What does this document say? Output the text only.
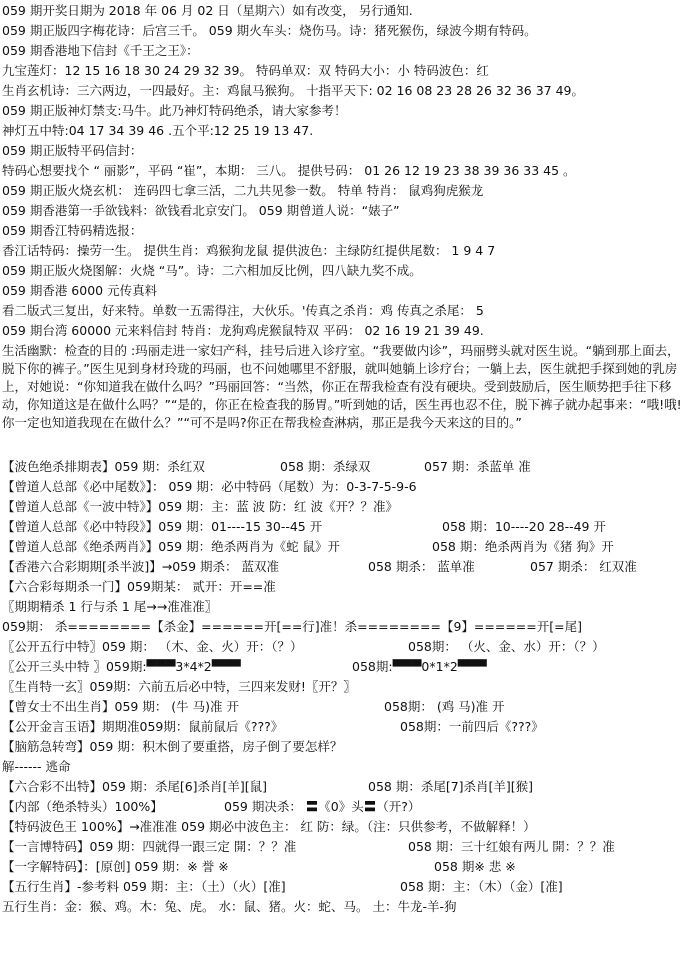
059 期开奖日期为 2018 年 06 月 02 日（星期六）如有改变， 另行通知.
059 期正版四字梅花诗：后宫三千。 059 期火车头：烧伤马。诗：猪死猴伤，绿波今期有特码。
059 期香港地下信封《千王之王》：
九宝莲灯：12 15 16 18 30 24 29 32 39。 特码单双：双 特码大小：小 特码波色：红
生肖玄机诗：三六两边，一四最好。主：鸡鼠马猴狗。 十指平天下: 02 16 08 23 28 26 32 36 37 49。
059 期正版神灯禁支:马牛。此乃神灯特码绝杀，请大家参考！
神灯五中特:04 17 34 39 46 .五个平:12 25 19 13 47.
059 期正版特平码信封：
特码心想要找个 “ 丽影”，平码 “崔”，本期： 三八。 提供号码： 01 26 12 19 23 38 39 36 33 45 。
059 期正版火烧玄机： 连码四七拿三活，二九共见参一数。 特单 特肖： 鼠鸡狗虎猴龙
059 期香港第一手欲钱料：欲钱看北京安门。 059 期曾道人说：“婊子”
059 期香江特码精选报：
香江话特码：操劳一生。 提供生肖：鸡猴狗龙鼠 提供波色：主绿防红提供尾数： 1 9 4 7
059 期正版火烧图解：火烧 “马”。诗：二六相加反比例，四八缺九奖不成。
059 期香港 6000 元传真料
看二版式三复出，好来特。单数一五需得注，大伙乐。'传真之杀肖：鸡 传真之杀尾： 5
059 期台湾 60000 元来料信封 特肖：龙狗鸡虎猴鼠特双 平码： 02 16 19 21 39 49.
生活幽默：检查的目的 :玛丽走进一家妇产科，挂号后进入诊疗室。“我要做内诊”，玛丽劈头就对医生说。“躺到那上面去，脱下你的裤子。”医生见到身材玲珑的玛丽，也不问她哪里不舒服，就叫她躺上诊疗台；一躺上去，医生就把手探到她的乳房上，对她说：“你知道我在做什么吗？”玛丽回答：“当然，你正在帮我检查有没有硬块。受到鼓励后，医生顺势把手往下移动，你知道这是在做什么吗？”“是的，你正在检查我的肠胃。”听到她的话，医生再也忍不住，脱下裤子就办起事来：“哦!哦!你一定也知道我现在在做什么？”“可不是吗?你正在帮我检查淋病，那正是我今天来这的目的。”
【波色绝杀排期表】059 期：杀红双	058 期：杀绿双	057 期：杀蓝单 准
【曾道人总部《必中尾数》】： 059 期：必中特码（尾数）为：0-3-7-5-9-6
【曾道人总部《一波中特》】059 期：主：蓝 波 防：红 波《开？？准》
【曾道人总部《必中特段》】059 期：01----15 30--45 开	058 期：10----20 28--49 开
【曾道人总部《绝杀两肖》】059 期：绝杀两肖为《蛇 鼠》开	058 期：绝杀两肖为《猪 狗》开
【香港六合彩期期[杀半波]】→059 期杀： 蓝双准	058 期杀： 蓝单准	057 期杀： 红双准
【六合彩每期杀一门】059期某： 贰开：开==准
〖期期精杀 1 行与杀 1 尾→→准准准〗
059期： 杀========【杀金】======开[==行]准！杀========【9】======开[=尾]
〖公开五行中特〗059 期： （木、金、火）开：（？）	058期： （火、金、水）开：（？）
〖公开三头中特 〗059期:▀▀▀3*4*2▀▀▀	058期:▀▀▀0*1*2▀▀▀
〖生肖特一玄〗059期：六前五后必中特，三四来发财!〖开？〗
【曾女士不出生肖】059 期： (牛 马)准 开	058期： (鸡 马)准 开
【公开金言玉语】期期准059期：鼠前鼠后《???》	058期：一前四后《???》
【脑筋急转弯】059 期：积木倒了要重搭，房子倒了要怎样？
解------ 逃命
【六合彩不出特】059 期：杀尾[6]杀肖[羊][鼠]	058 期：杀尾[7]杀肖[羊][猴]
【内部（绝杀特头）100%】	059 期决杀： 〓《0》头〓（开?）
【特码波色王 100%】→准准准 059 期必中波色主： 红 防：绿。（注：只供参考，不做解释！）
【一言博特码】059 期：四就得一跟三定 開：？？准	058 期：三十红娘有两儿 開：？？准
【一字解特码】：[原创] 059 期：※ 誉 ※	058 期※ 悲 ※
【五行生肖】-参考料 059 期：主：（土）（火）[准]	058 期：主：（木）（金）[准]
五行生肖：金：猴、鸡。木：兔、虎。 水：鼠、猪。火：蛇、马。 土：牛龙-羊-狗
